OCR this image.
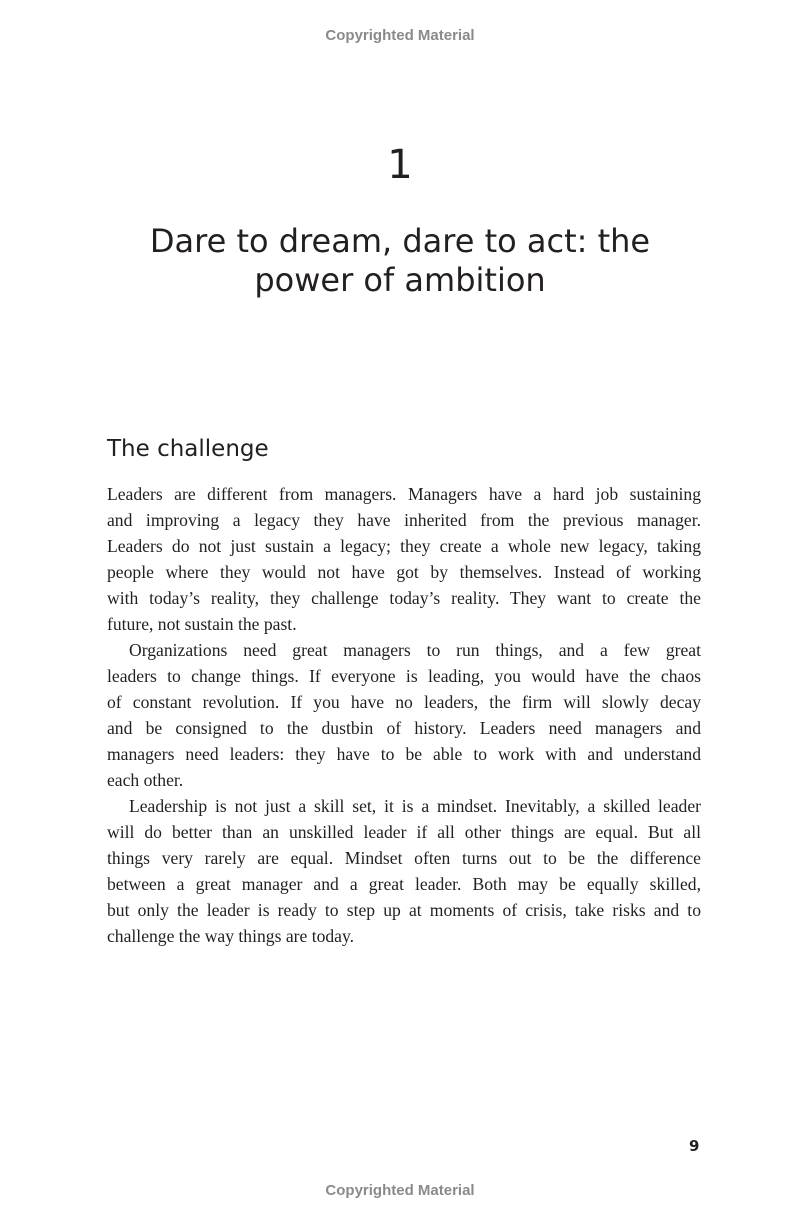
Copyrighted Material
1
Dare to dream, dare to act: the
power of ambition
The challenge
Leaders are different from managers. Managers have a hard job sustaining
and improving a legacy they have inherited from the previous manager.
Leaders do not just sustain a legacy; they create a whole new legacy, taking
people where they would not have got by themselves. Instead of working
with today’s reality, they challenge today’s reality. They want to create the
future, not sustain the past.
Organizations need great managers to run things, and a few great
leaders to change things. If everyone is leading, you would have the chaos
of constant revolution. If you have no leaders, the firm will slowly decay
and be consigned to the dustbin of history. Leaders need managers and
managers need leaders: they have to be able to work with and understand
each other.
Leadership is not just a skill set, it is a mindset. Inevitably, a skilled leader
will do better than an unskilled leader if all other things are equal. But all
things very rarely are equal. Mindset often turns out to be the difference
between a great manager and a great leader. Both may be equally skilled,
but only the leader is ready to step up at moments of crisis, take risks and to
challenge the way things are today.
9
Copyrighted Material
